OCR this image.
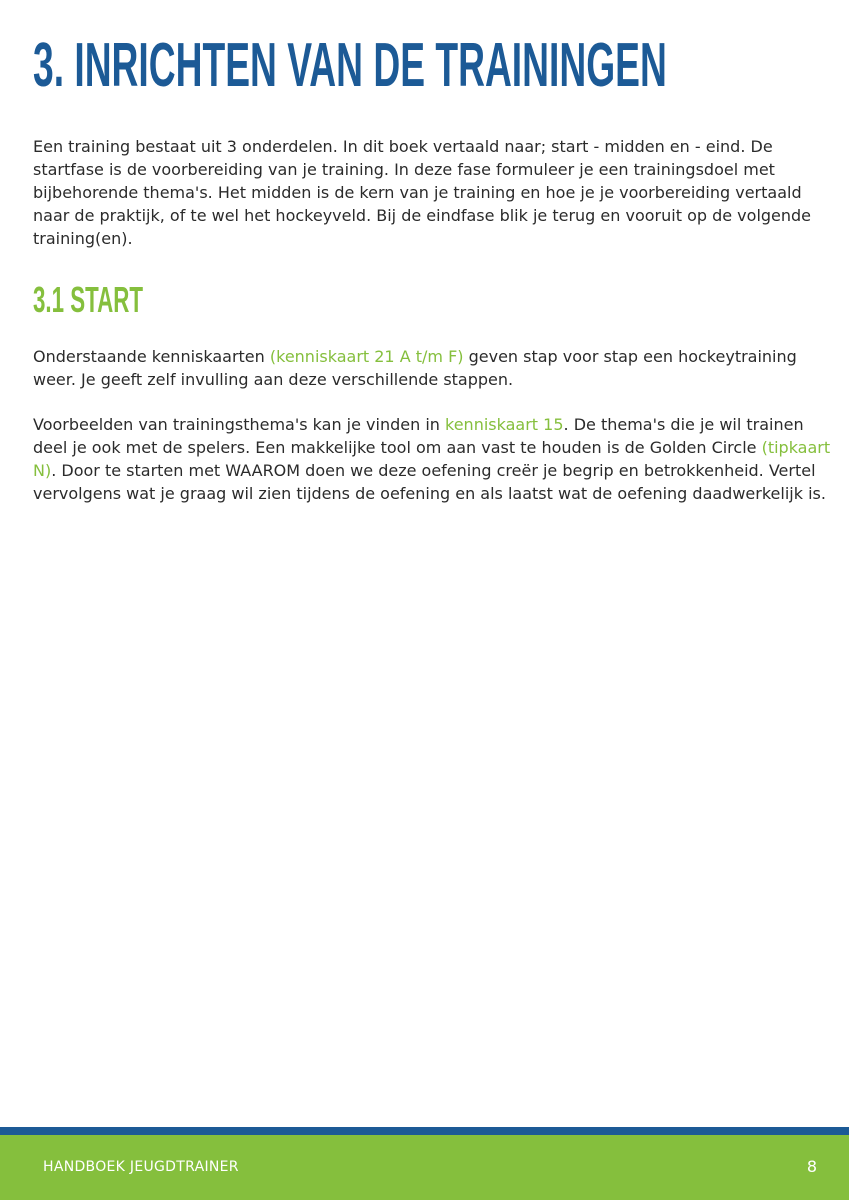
3. INRICHTEN VAN DE TRAININGEN

Een training bestaat uit 3 onderdelen. In dit boek vertaald naar; start - midden en - eind. De startfase is de voorbereiding van je training. In deze fase formuleer je een trainingsdoel met bijbehorende thema's. Het midden is de kern van je training en hoe je je voorbereiding vertaald naar de praktijk, of te wel het hockeyveld. Bij de eindfase blik je terug en vooruit op de volgende training(en).

3.1 START

Onderstaande kenniskaarten (kenniskaart 21 A t/m F) geven stap voor stap een hockeytraining weer. Je geeft zelf invulling aan deze verschillende stappen.

Voorbeelden van trainingsthema's kan je vinden in kenniskaart 15. De thema's die je wil trainen deel je ook met de spelers. Een makkelijke tool om aan vast te houden is de Golden Circle (tipkaart N). Door te starten met WAAROM doen we deze oefening creër je begrip en betrokkenheid. Vertel vervolgens wat je graag wil zien tijdens de oefening en als laatst wat de oefening daadwerkelijk is.

HANDBOEK JEUGDTRAINER	8
